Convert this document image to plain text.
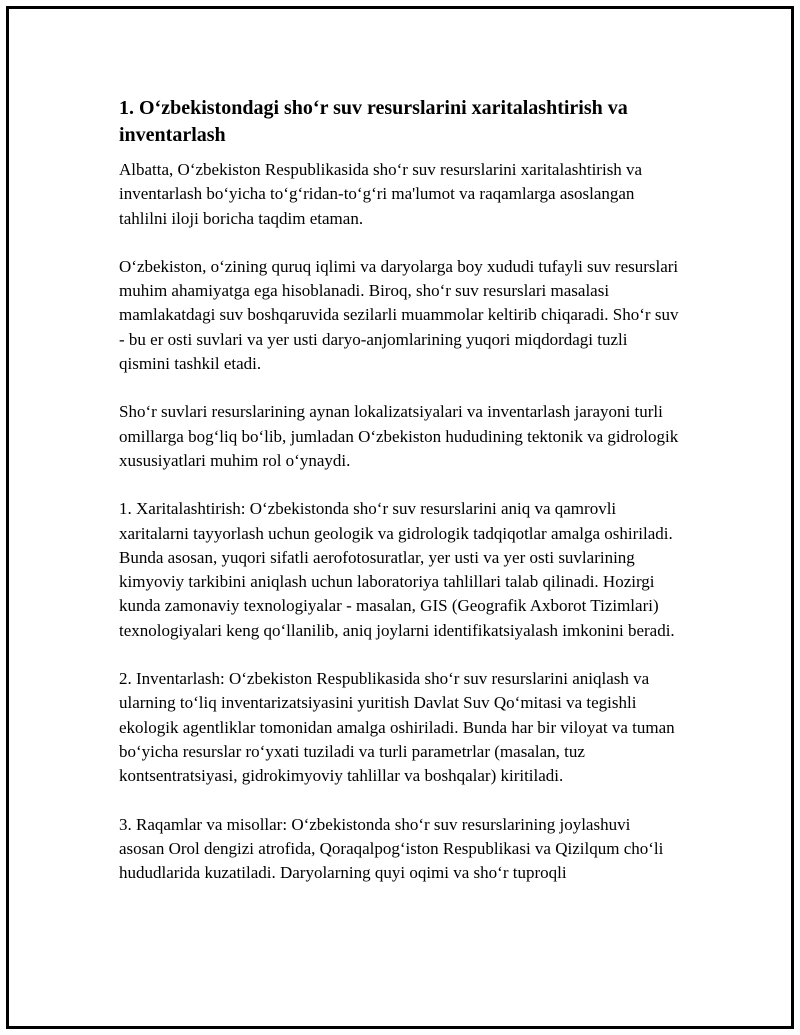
1. O‘zbekistondagi sho‘r suv resurslarini xaritalashtirish va inventarlash

Albatta, O‘zbekiston Respublikasida sho‘r suv resurslarini xaritalashtirish va inventarlash bo‘yicha to‘g‘ridan-to‘g‘ri ma'lumot va raqamlarga asoslangan tahlilni iloji boricha taqdim etaman.

O‘zbekiston, o‘zining quruq iqlimi va daryolarga boy xududi tufayli suv resurslari muhim ahamiyatga ega hisoblanadi. Biroq, sho‘r suv resurslari masalasi mamlakatdagi suv boshqaruvida sezilarli muammolar keltirib chiqaradi. Sho‘r suv - bu er osti suvlari va yer usti daryo-anjomlarining yuqori miqdordagi tuzli qismini tashkil etadi.

Sho‘r suvlari resurslarining aynan lokalizatsiyalari va inventarlash jarayoni turli omillarga bog‘liq bo‘lib, jumladan O‘zbekiston hududining tektonik va gidrologik xususiyatlari muhim rol o‘ynaydi.

1. Xaritalashtirish: O‘zbekistonda sho‘r suv resurslarini aniq va qamrovli xaritalarni tayyorlash uchun geologik va gidrologik tadqiqotlar amalga oshiriladi. Bunda asosan, yuqori sifatli aerofotosuratlar, yer usti va yer osti suvlarining kimyoviy tarkibini aniqlash uchun laboratoriya tahlillari talab qilinadi. Hozirgi kunda zamonaviy texnologiyalar - masalan, GIS (Geografik Axborot Tizimlari) texnologiyalari keng qo‘llanilib, aniq joylarni identifikatsiyalash imkonini beradi.

2. Inventarlash: O‘zbekiston Respublikasida sho‘r suv resurslarini aniqlash va ularning to‘liq inventarizatsiyasini yuritish Davlat Suv Qo‘mitasi va tegishli ekologik agentliklar tomonidan amalga oshiriladi. Bunda har bir viloyat va tuman bo‘yicha resurslar ro‘yxati tuziladi va turli parametrlar (masalan, tuz kontsentratsiyasi, gidrokimyoviy tahlillar va boshqalar) kiritiladi.

3. Raqamlar va misollar: O‘zbekistonda sho‘r suv resurslarining joylashuvi asosan Orol dengizi atrofida, Qoraqalpog‘iston Respublikasi va Qizilqum cho‘li hududlarida kuzatiladi. Daryolarning quyi oqimi va sho‘r tuproqli
